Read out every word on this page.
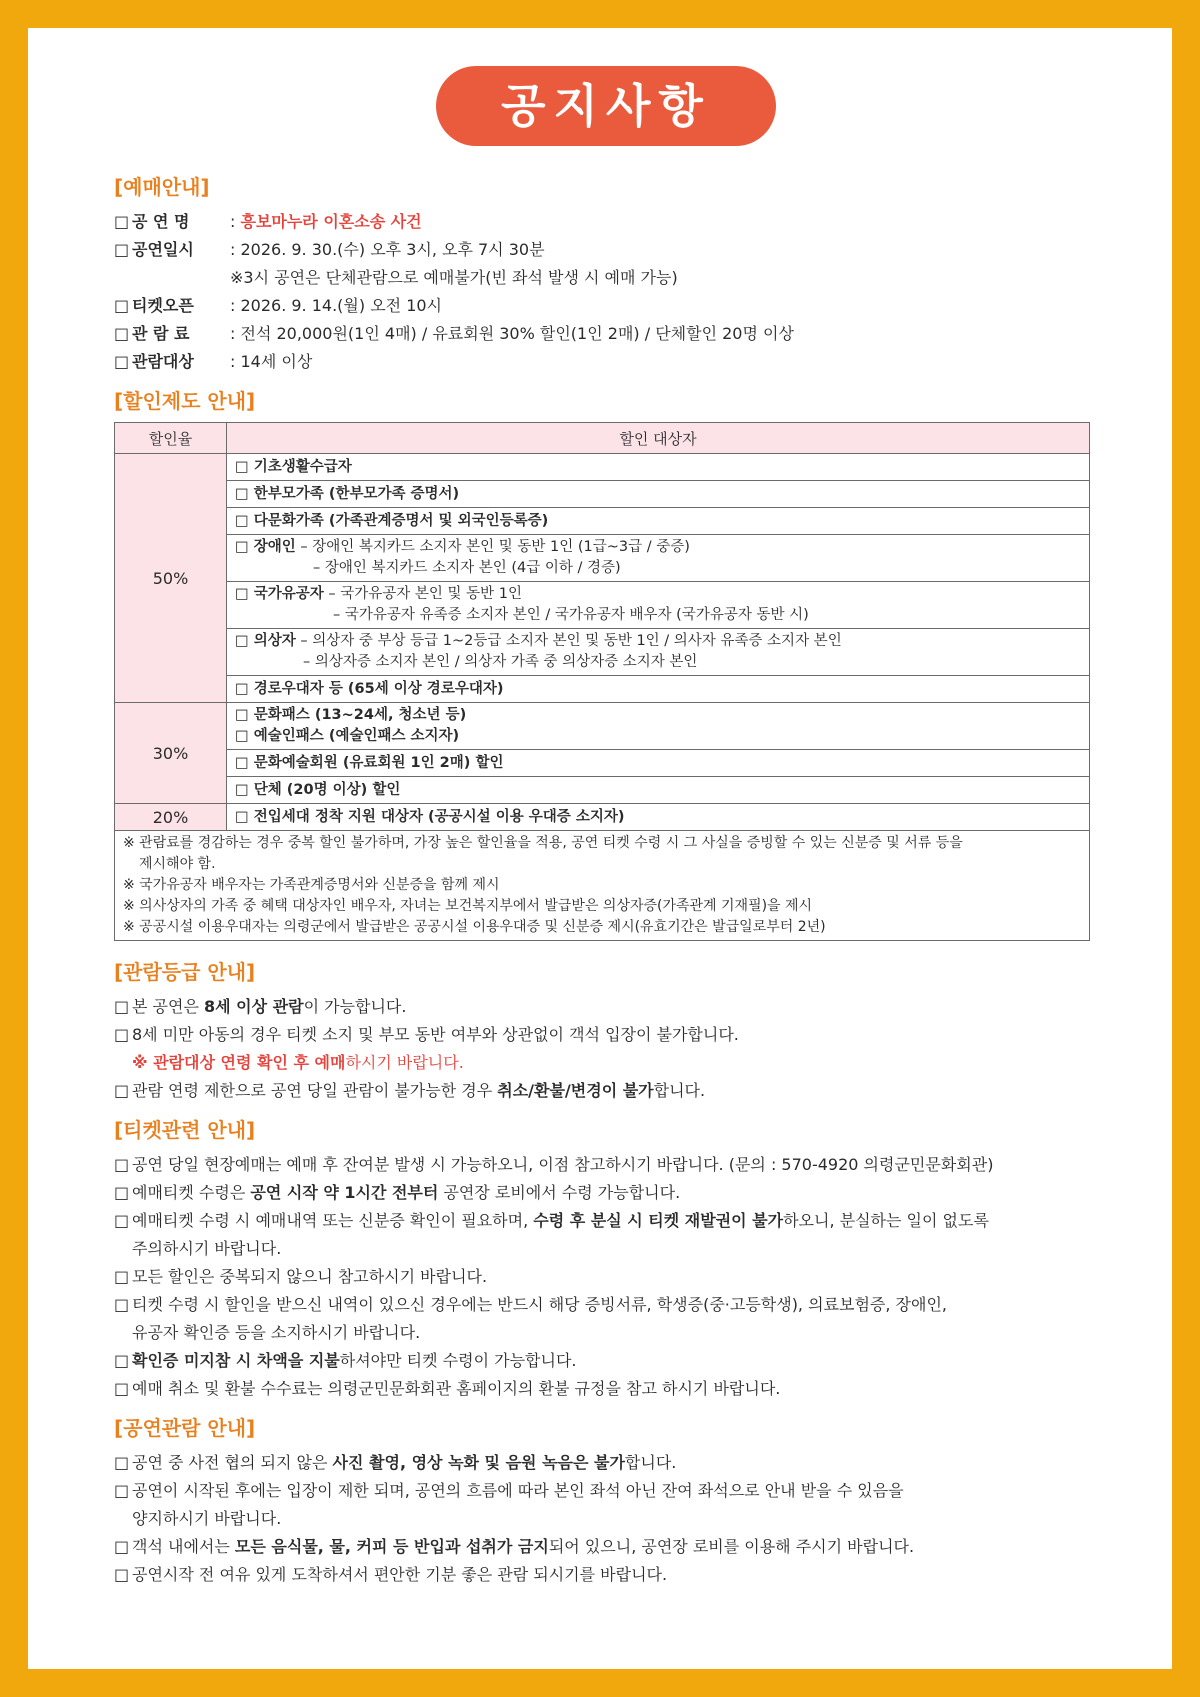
공지사항
[예매안내]
□ 공 연 명	: 흥보마누라 이혼소송 사건
□ 공연일시 : 2026. 9. 30.(수) 오후 3시, 오후 7시 30분
※3시 공연은 단체관람으로 예매불가(빈 좌석 발생 시 예매 가능)
□ 티켓오픈 : 2026. 9. 14.(월) 오전 10시
□ 관 람 료	: 전석 20,000원(1인 4매) / 유료회원 30% 할인(1인 2매) / 단체할인 20명 이상
□ 관람대상 : 14세 이상
[할인제도 안내]
할인율	할인 대상자
50%	□ 기초생활수급자
	□ 한부모가족 (한부모가족 증명서)
	□ 다문화가족 (가족관계증명서 및 외국인등록증)

	□ 장애인 – 장애인 복지카드 소지자 본인 및 동반 1인 (1급~3급 / 중증)
– 장애인 복지카드 소지자 본인 (4급 이하 / 경증)

	□ 국가유공자 – 국가유공자 본인 및 동반 1인
– 국가유공자 유족증 소지자 본인 / 국가유공자 배우자 (국가유공자 동반 시)

	□ 의상자 – 의상자 중 부상 등급 1~2등급 소지자 본인 및 동반 1인 / 의사자 유족증 소지자 본인
– 의상자증 소지자 본인 / 의상자 가족 중 의상자증 소지자 본인

	□ 경로우대자 등 (65세 이상 경로우대자)
30%	□ 문화패스 (13~24세, 청소년 등)
□ 예술인패스 (예술인패스 소지자)

	□ 문화예술회원 (유료회원 1인 2매) 할인
	□ 단체 (20명 이상) 할인
20%	□ 전입세대 정착 지원 대상자 (공공시설 이용 우대증 소지자)

※ 관람료를 경감하는 경우 중복 할인 불가하며, 가장 높은 할인율을 적용, 공연 티켓 수령 시 그 사실을 증빙할 수 있는 신분증 및 서류 등을
제시해야 함.
※ 국가유공자 배우자는 가족관계증명서와 신분증을 함께 제시
※ 의사상자의 가족 중 혜택 대상자인 배우자, 자녀는 보건복지부에서 발급받은 의상자증(가족관계 기재필)을 제시
※ 공공시설 이용우대자는 의령군에서 발급받은 공공시설 이용우대증 및 신분증 제시(유효기간은 발급일로부터 2년)	
[관람등급 안내]
□ 본 공연은 8세 이상 관람이 가능합니다.
□ 8세 미만 아동의 경우 티켓 소지 및 부모 동반 여부와 상관없이 객석 입장이 불가합니다.
※ 관람대상 연령 확인 후 예매하시기 바랍니다.
□ 관람 연령 제한으로 공연 당일 관람이 불가능한 경우 취소/환불/변경이 불가합니다.
[티켓관련 안내]
□ 공연 당일 현장예매는 예매 후 잔여분 발생 시 가능하오니, 이점 참고하시기 바랍니다. (문의 : 570-4920 의령군민문화회관)
□ 예매티켓 수령은 공연 시작 약 1시간 전부터 공연장 로비에서 수령 가능합니다.
□ 예매티켓 수령 시 예매내역 또는 신분증 확인이 필요하며, 수령 후 분실 시 티켓 재발권이 불가하오니, 분실하는 일이 없도록
주의하시기 바랍니다.
□ 모든 할인은 중복되지 않으니 참고하시기 바랍니다.
□ 티켓 수령 시 할인을 받으신 내역이 있으신 경우에는 반드시 해당 증빙서류, 학생증(중·고등학생), 의료보험증, 장애인,
유공자 확인증 등을 소지하시기 바랍니다.
□ 확인증 미지참 시 차액을 지불하셔야만 티켓 수령이 가능합니다.
□ 예매 취소 및 환불 수수료는 의령군민문화회관 홈페이지의 환불 규정을 참고 하시기 바랍니다.
[공연관람 안내]
□ 공연 중 사전 협의 되지 않은 사진 촬영, 영상 녹화 및 음원 녹음은 불가합니다.
□ 공연이 시작된 후에는 입장이 제한 되며, 공연의 흐름에 따라 본인 좌석 아닌 잔여 좌석으로 안내 받을 수 있음을
양지하시기 바랍니다.
□ 객석 내에서는 모든 음식물, 물, 커피 등 반입과 섭취가 금지되어 있으니, 공연장 로비를 이용해 주시기 바랍니다.
□ 공연시작 전 여유 있게 도착하셔서 편안한 기분 좋은 관람 되시기를 바랍니다.
